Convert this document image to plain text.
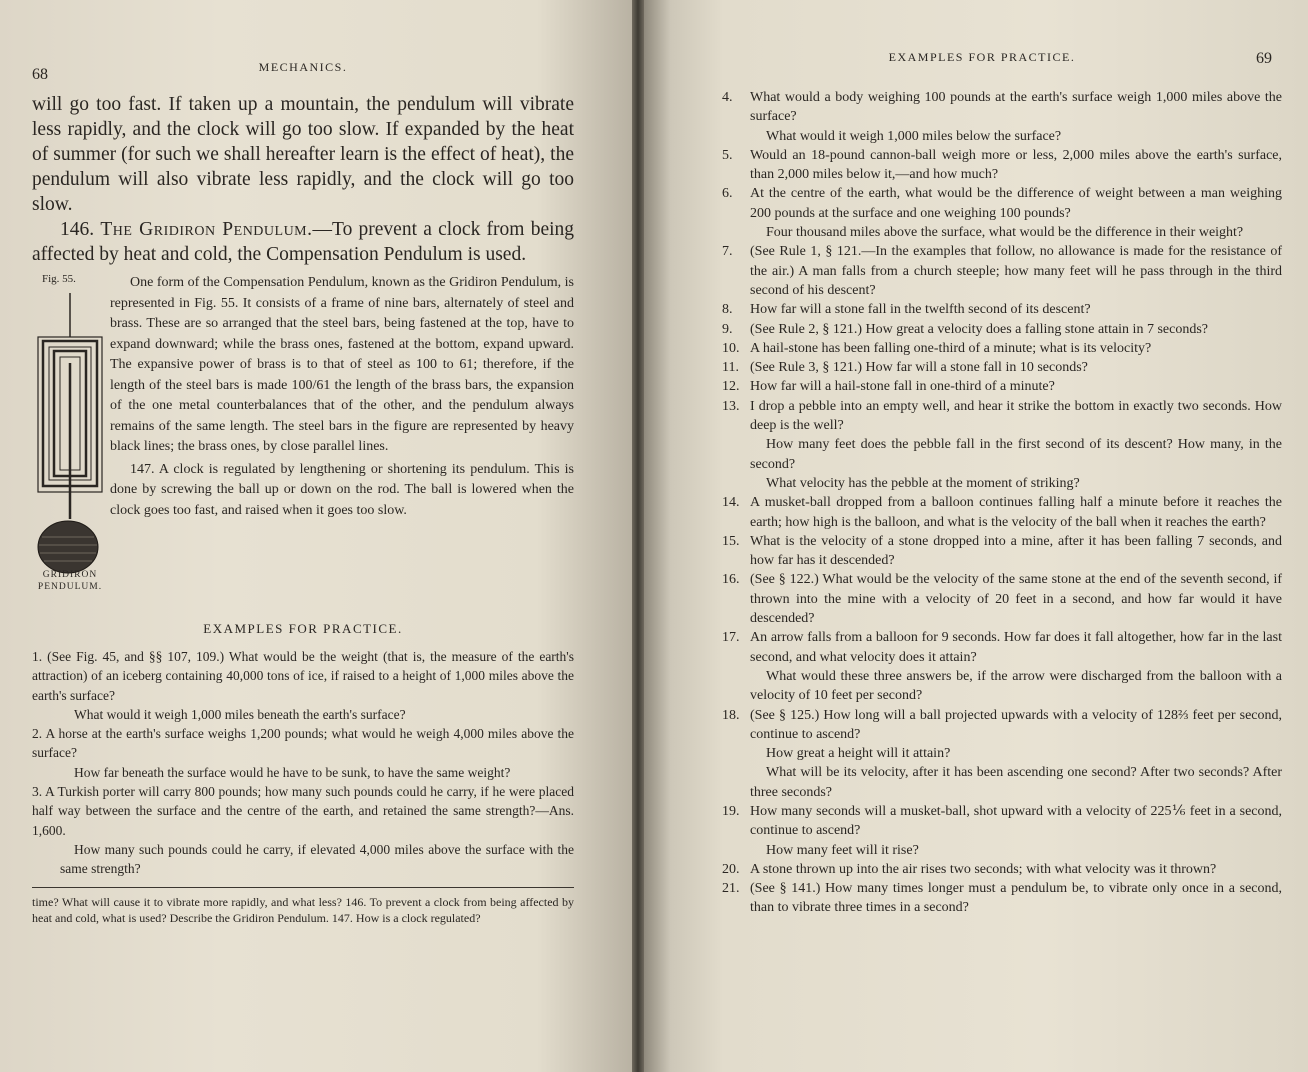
68	MECHANICS.

will go too fast. If taken up a mountain, the pendulum will vibrate less rapidly, and the clock will go too slow. If expanded by the heat of summer (for such we shall hereafter learn is the effect of heat), the pendulum will also vibrate less rapidly, and the clock will go too slow.

146. The Gridiron Pendulum.—To prevent a clock from being affected by heat and cold, the Compensation Pendulum is used.

Fig. 55.
GRIDIRON
PENDULUM.

One form of the Compensation Pendulum, known as the Gridiron Pendulum, is represented in Fig. 55. It consists of a frame of nine bars, alternately of steel and brass. These are so arranged that the steel bars, being fastened at the top, have to expand downward; while the brass ones, fastened at the bottom, expand upward. The expansive power of brass is to that of steel as 100 to 61; therefore, if the length of the steel bars is made 100/61 the length of the brass bars, the expansion of the one metal counterbalances that of the other, and the pendulum always remains of the same length. The steel bars in the figure are represented by heavy black lines; the brass ones, by close parallel lines.

147. A clock is regulated by lengthening or shortening its pendulum. This is done by screwing the ball up or down on the rod. The ball is lowered when the clock goes too fast, and raised when it goes too slow.

EXAMPLES FOR PRACTICE.

1. (See Fig. 45, and §§ 107, 109.) What would be the weight (that is, the measure of the earth's attraction) of an iceberg containing 40,000 tons of ice, if raised to a height of 1,000 miles above the earth's surface?

What would it weigh 1,000 miles beneath the earth's surface?

2. A horse at the earth's surface weighs 1,200 pounds; what would he weigh 4,000 miles above the surface?

How far beneath the surface would he have to be sunk, to have the same weight?

3. A Turkish porter will carry 800 pounds; how many such pounds could he carry, if he were placed half way between the surface and the centre of the earth, and retained the same strength?—Ans. 1,600.

How many such pounds could he carry, if elevated 4,000 miles above the surface with the same strength?

time? What will cause it to vibrate more rapidly, and what less? 146. To prevent a clock from being affected by heat and cold, what is used? Describe the Gridiron Pendulum. 147. How is a clock regulated?

69
EXAMPLES FOR PRACTICE.

4. What would a body weighing 100 pounds at the earth's surface weigh 1,000 miles above the surface?

What would it weigh 1,000 miles below the surface?

5. Would an 18-pound cannon-ball weigh more or less, 2,000 miles above the earth's surface, than 2,000 miles below it,—and how much?

6. At the centre of the earth, what would be the difference of weight between a man weighing 200 pounds at the surface and one weighing 100 pounds?

Four thousand miles above the surface, what would be the difference in their weight?

7. (See Rule 1, § 121.—In the examples that follow, no allowance is made for the resistance of the air.) A man falls from a church steeple; how many feet will he pass through in the third second of his descent?

8. How far will a stone fall in the twelfth second of its descent?

9. (See Rule 2, § 121.) How great a velocity does a falling stone attain in 7 seconds?

10. A hail-stone has been falling one-third of a minute; what is its velocity?

11. (See Rule 3, § 121.) How far will a stone fall in 10 seconds?

12. How far will a hail-stone fall in one-third of a minute?

13. I drop a pebble into an empty well, and hear it strike the bottom in exactly two seconds. How deep is the well?

How many feet does the pebble fall in the first second of its descent? How many, in the second?

What velocity has the pebble at the moment of striking?

14. A musket-ball dropped from a balloon continues falling half a minute before it reaches the earth; how high is the balloon, and what is the velocity of the ball when it reaches the earth?

15. What is the velocity of a stone dropped into a mine, after it has been falling 7 seconds, and how far has it descended?

16. (See § 122.) What would be the velocity of the same stone at the end of the seventh second, if thrown into the mine with a velocity of 20 feet in a second, and how far would it have descended?

17. An arrow falls from a balloon for 9 seconds. How far does it fall altogether, how far in the last second, and what velocity does it attain?

What would these three answers be, if the arrow were discharged from the balloon with a velocity of 10 feet per second?

18. (See § 125.) How long will a ball projected upwards with a velocity of 128⅔ feet per second, continue to ascend?

How great a height will it attain?

What will be its velocity, after it has been ascending one second? After two seconds? After three seconds?

19. How many seconds will a musket-ball, shot upward with a velocity of 225⅙ feet in a second, continue to ascend?

How many feet will it rise?

20. A stone thrown up into the air rises two seconds; with what velocity was it thrown?

21. (See § 141.) How many times longer must a pendulum be, to vibrate only once in a second, than to vibrate three times in a second?
